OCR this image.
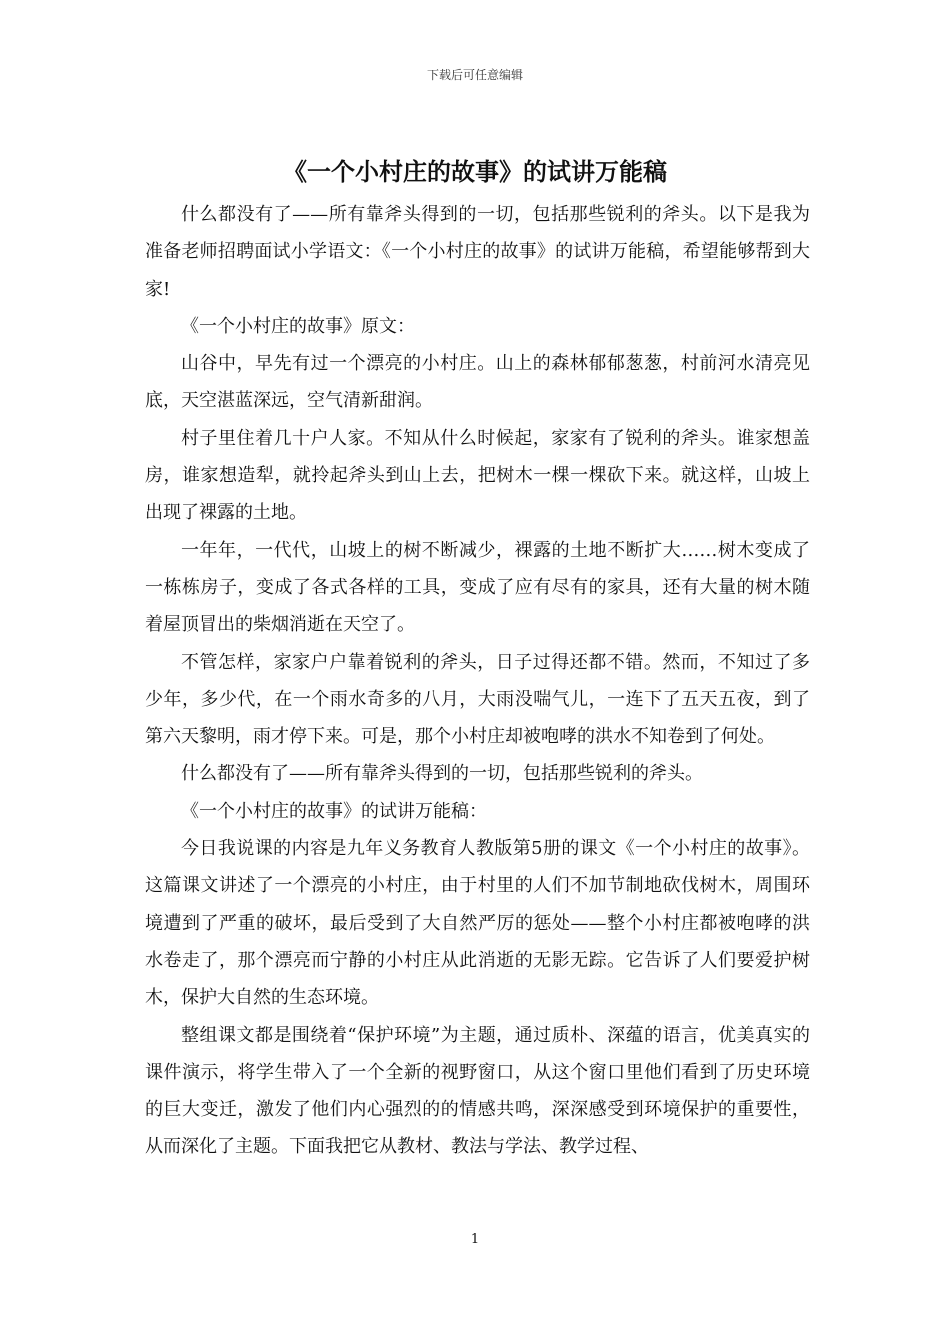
下载后可任意编辑
《一个小村庄的故事》的试讲万能稿

什么都没有了——所有靠斧头得到的一切，包括那些锐利的斧头。以下是我为准备老师招聘面试小学语文：《一个小村庄的故事》的试讲万能稿，希望能够帮到大家!

《一个小村庄的故事》原文：

山谷中，早先有过一个漂亮的小村庄。山上的森林郁郁葱葱，村前河水清亮见底，天空湛蓝深远，空气清新甜润。

村子里住着几十户人家。不知从什么时候起，家家有了锐利的斧头。谁家想盖房，谁家想造犁，就拎起斧头到山上去，把树木一棵一棵砍下来。就这样，山坡上出现了裸露的土地。

一年年，一代代，山坡上的树不断减少，裸露的土地不断扩大……树木变成了一栋栋房子，变成了各式各样的工具，变成了应有尽有的家具，还有大量的树木随着屋顶冒出的柴烟消逝在天空了。

不管怎样，家家户户靠着锐利的斧头，日子过得还都不错。然而，不知过了多少年，多少代，在一个雨水奇多的八月，大雨没喘气儿，一连下了五天五夜，到了第六天黎明，雨才停下来。可是，那个小村庄却被咆哮的洪水不知卷到了何处。

什么都没有了——所有靠斧头得到的一切，包括那些锐利的斧头。

《一个小村庄的故事》的试讲万能稿：

今日我说课的内容是九年义务教育人教版第5册的课文《一个小村庄的故事》。这篇课文讲述了一个漂亮的小村庄，由于村里的人们不加节制地砍伐树木，周围环境遭到了严重的破坏，最后受到了大自然严厉的惩处——整个小村庄都被咆哮的洪水卷走了，那个漂亮而宁静的小村庄从此消逝的无影无踪。它告诉了人们要爱护树木，保护大自然的生态环境。

整组课文都是围绕着“保护环境”为主题，通过质朴、深蕴的语言，优美真实的课件演示，将学生带入了一个全新的视野窗口，从这个窗口里他们看到了历史环境的巨大变迁，激发了他们内心强烈的的情感共鸣，深深感受到环境保护的重要性，从而深化了主题。下面我把它从教材、教法与学法、教学过程、

1
